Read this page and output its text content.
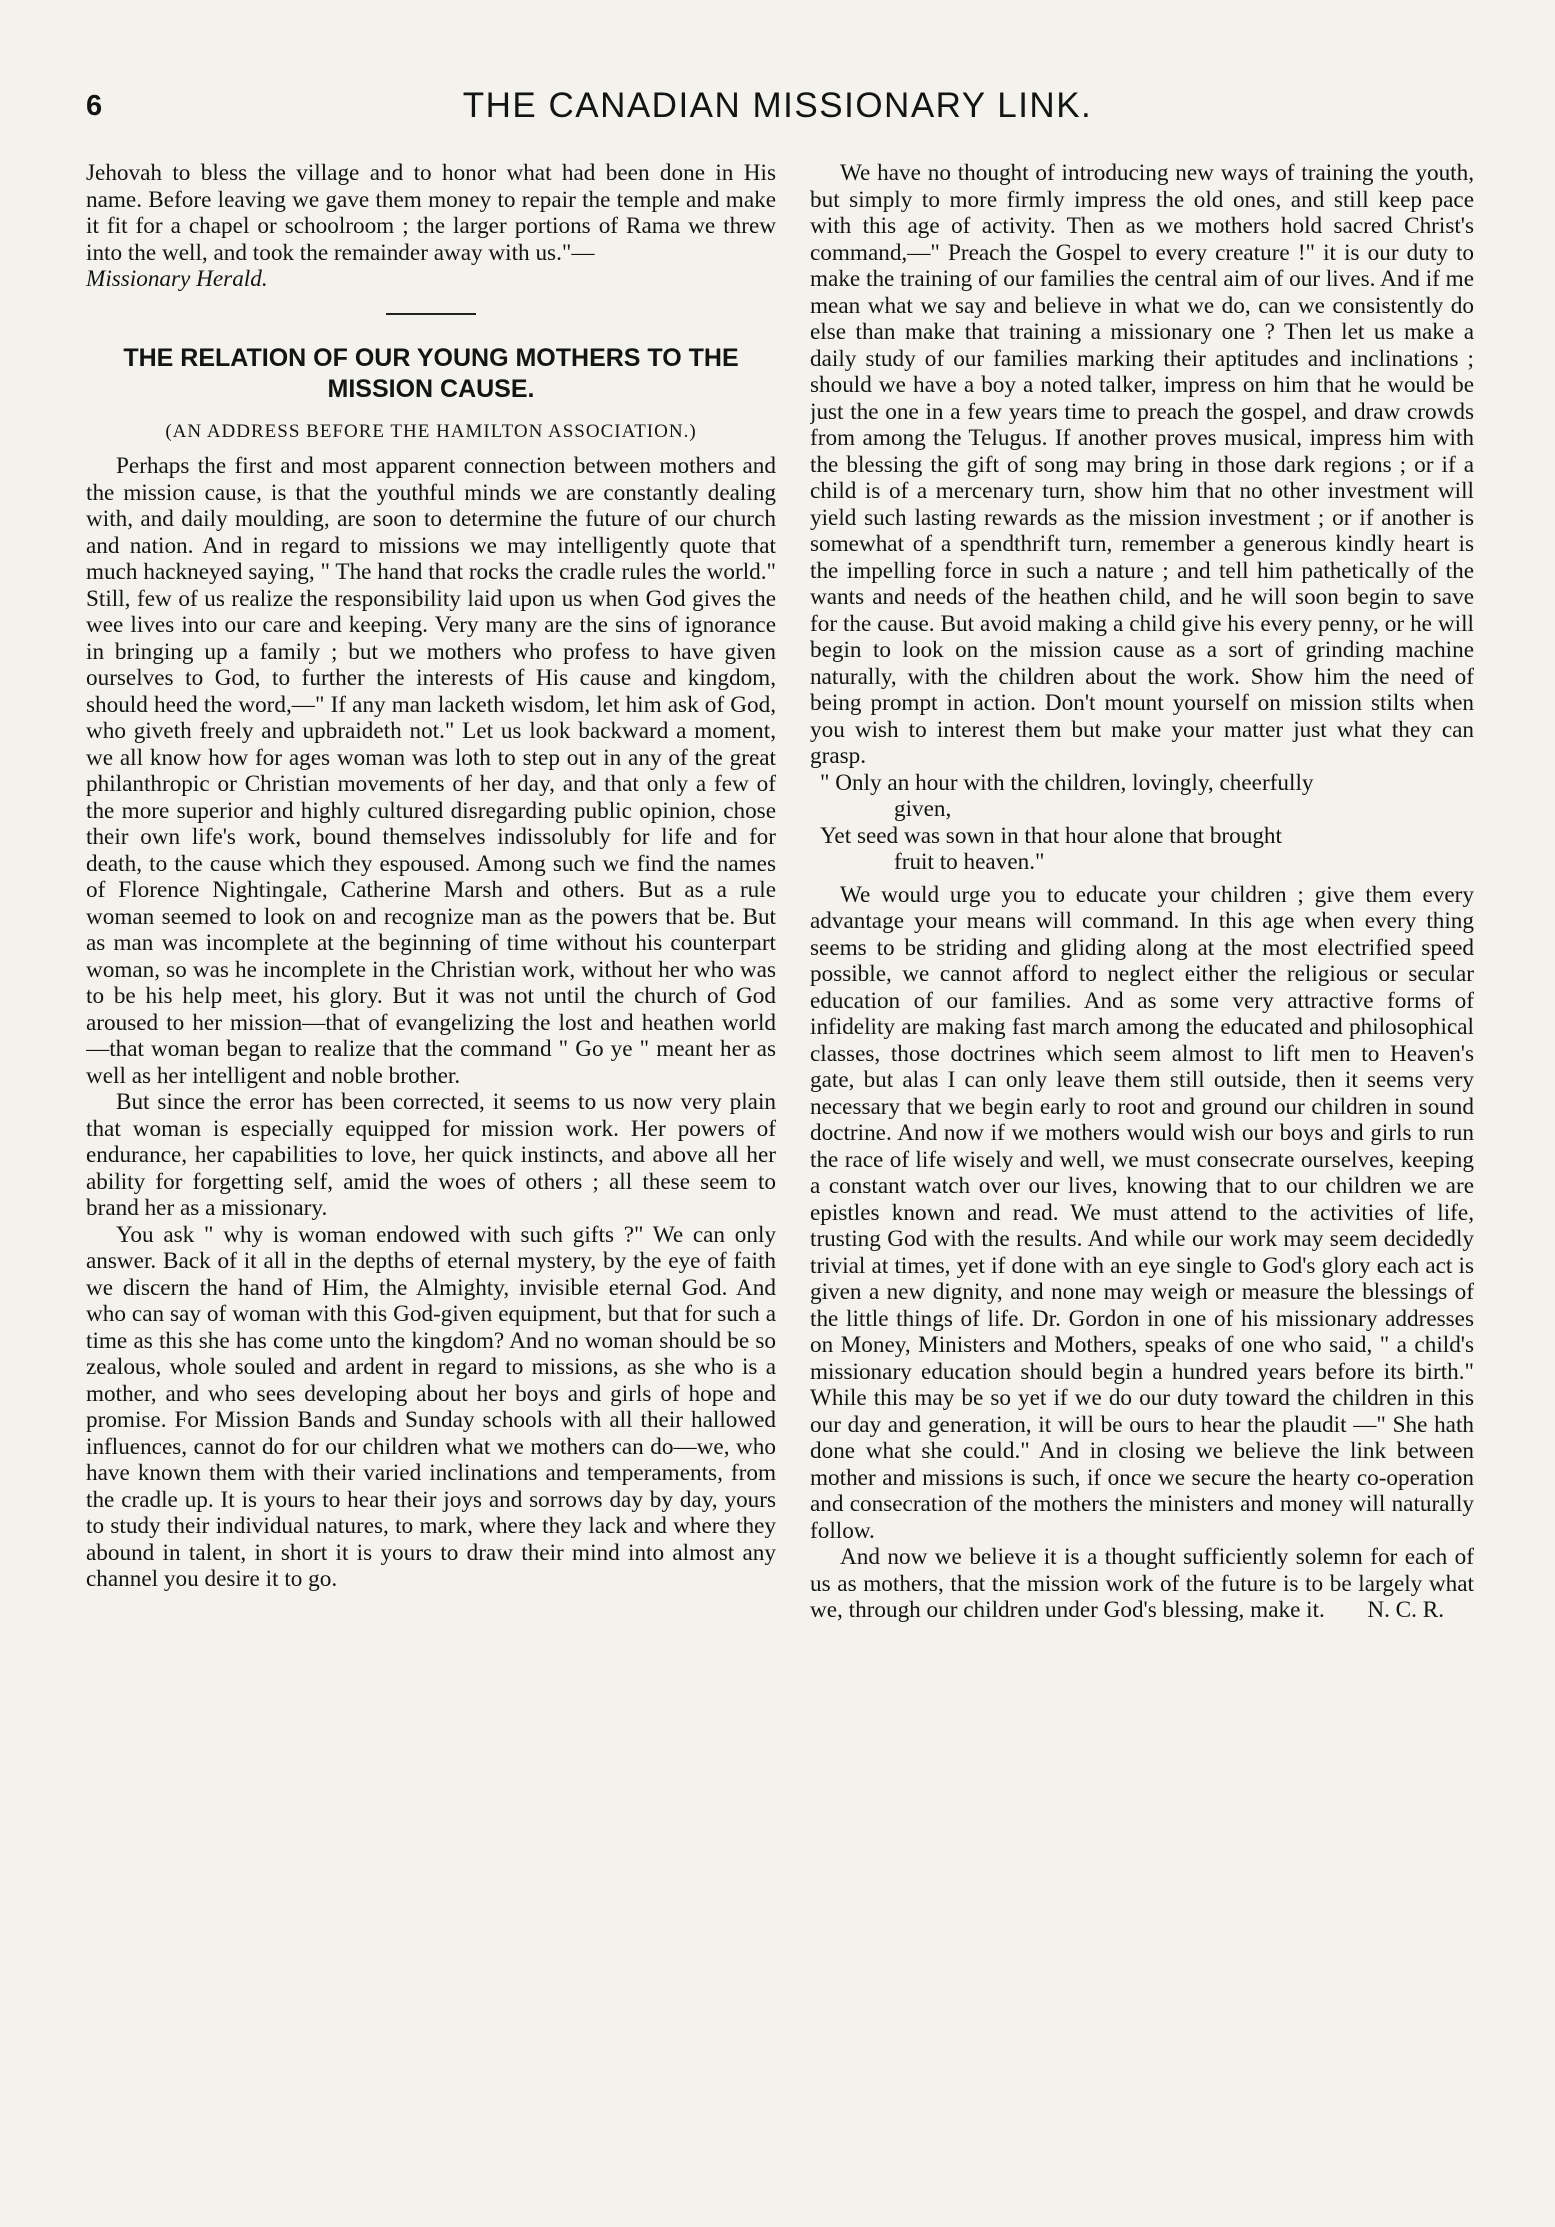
6	THE CANADIAN MISSIONARY LINK.

Jehovah to bless the village and to honor what had been done in His name. Before leaving we gave them money to repair the temple and make it fit for a chapel or schoolroom ; the larger portions of Rama we threw into the well, and took the remainder away with us."—

Missionary Herald.

THE RELATION OF OUR YOUNG MOTHERS TO THE MISSION CAUSE.
(AN ADDRESS BEFORE THE HAMILTON ASSOCIATION.)

Perhaps the first and most apparent connection between mothers and the mission cause, is that the youthful minds we are constantly dealing with, and daily moulding, are soon to determine the future of our church and nation. And in regard to missions we may intelligently quote that much hackneyed saying, " The hand that rocks the cradle rules the world." Still, few of us realize the responsibility laid upon us when God gives the wee lives into our care and keeping. Very many are the sins of ignorance in bringing up a family ; but we mothers who profess to have given ourselves to God, to further the interests of His cause and kingdom, should heed the word,—" If any man lacketh wisdom, let him ask of God, who giveth freely and upbraideth not." Let us look backward a moment, we all know how for ages woman was loth to step out in any of the great philanthropic or Christian movements of her day, and that only a few of the more superior and highly cultured disregarding public opinion, chose their own life's work, bound themselves indissolubly for life and for death, to the cause which they espoused. Among such we find the names of Florence Nightingale, Catherine Marsh and others. But as a rule woman seemed to look on and recognize man as the powers that be. But as man was incomplete at the beginning of time without his counterpart woman, so was he incomplete in the Christian work, without her who was to be his help meet, his glory. But it was not until the church of God aroused to her mission—that of evangelizing the lost and heathen world—that woman began to realize that the command " Go ye " meant her as well as her intelligent and noble brother.

But since the error has been corrected, it seems to us now very plain that woman is especially equipped for mission work. Her powers of endurance, her capabilities to love, her quick instincts, and above all her ability for forgetting self, amid the woes of others ; all these seem to brand her as a missionary.

You ask " why is woman endowed with such gifts ?" We can only answer. Back of it all in the depths of eternal mystery, by the eye of faith we discern the hand of Him, the Almighty, invisible eternal God. And who can say of woman with this God-given equipment, but that for such a time as this she has come unto the kingdom? And no woman should be so zealous, whole souled and ardent in regard to missions, as she who is a mother, and who sees developing about her boys and girls of hope and promise. For Mission Bands and Sunday schools with all their hallowed influences, cannot do for our children what we mothers can do—we, who have known them with their varied inclinations and temperaments, from the cradle up. It is yours to hear their joys and sorrows day by day, yours to study their individual natures, to mark, where they lack and where they abound in talent, in short it is yours to draw their mind into almost any channel you desire it to go.

We have no thought of introducing new ways of training the youth, but simply to more firmly impress the old ones, and still keep pace with this age of activity. Then as we mothers hold sacred Christ's command,—" Preach the Gospel to every creature !" it is our duty to make the training of our families the central aim of our lives. And if me mean what we say and believe in what we do, can we consistently do else than make that training a missionary one ? Then let us make a daily study of our families marking their aptitudes and inclinations ; should we have a boy a noted talker, impress on him that he would be just the one in a few years time to preach the gospel, and draw crowds from among the Telugus. If another proves musical, impress him with the blessing the gift of song may bring in those dark regions ; or if a child is of a mercenary turn, show him that no other investment will yield such lasting rewards as the mission investment ; or if another is somewhat of a spendthrift turn, remember a generous kindly heart is the impelling force in such a nature ; and tell him pathetically of the wants and needs of the heathen child, and he will soon begin to save for the cause. But avoid making a child give his every penny, or he will begin to look on the mission cause as a sort of grinding machine naturally, with the children about the work. Show him the need of being prompt in action. Don't mount yourself on mission stilts when you wish to interest them but make your matter just what they can grasp.

" Only an hour with the children, lovingly, cheerfully
given,
Yet seed was sown in that hour alone that brought
fruit to heaven."

We would urge you to educate your children ; give them every advantage your means will command. In this age when every thing seems to be striding and gliding along at the most electrified speed possible, we cannot afford to neglect either the religious or secular education of our families. And as some very attractive forms of infidelity are making fast march among the educated and philosophical classes, those doctrines which seem almost to lift men to Heaven's gate, but alas I can only leave them still outside, then it seems very necessary that we begin early to root and ground our children in sound doctrine. And now if we mothers would wish our boys and girls to run the race of life wisely and well, we must consecrate ourselves, keeping a constant watch over our lives, knowing that to our children we are epistles known and read. We must attend to the activities of life, trusting God with the results. And while our work may seem decidedly trivial at times, yet if done with an eye single to God's glory each act is given a new dignity, and none may weigh or measure the blessings of the little things of life. Dr. Gordon in one of his missionary addresses on Money, Ministers and Mothers, speaks of one who said, " a child's missionary education should begin a hundred years before its birth." While this may be so yet if we do our duty toward the children in this our day and generation, it will be ours to hear the plaudit —" She hath done what she could." And in closing we believe the link between mother and missions is such, if once we secure the hearty co-operation and consecration of the mothers the ministers and money will naturally follow.

And now we believe it is a thought sufficiently solemn for each of us as mothers, that the mission work of the future is to be largely what we, through our children under God's blessing, make it.	N. C. R.
